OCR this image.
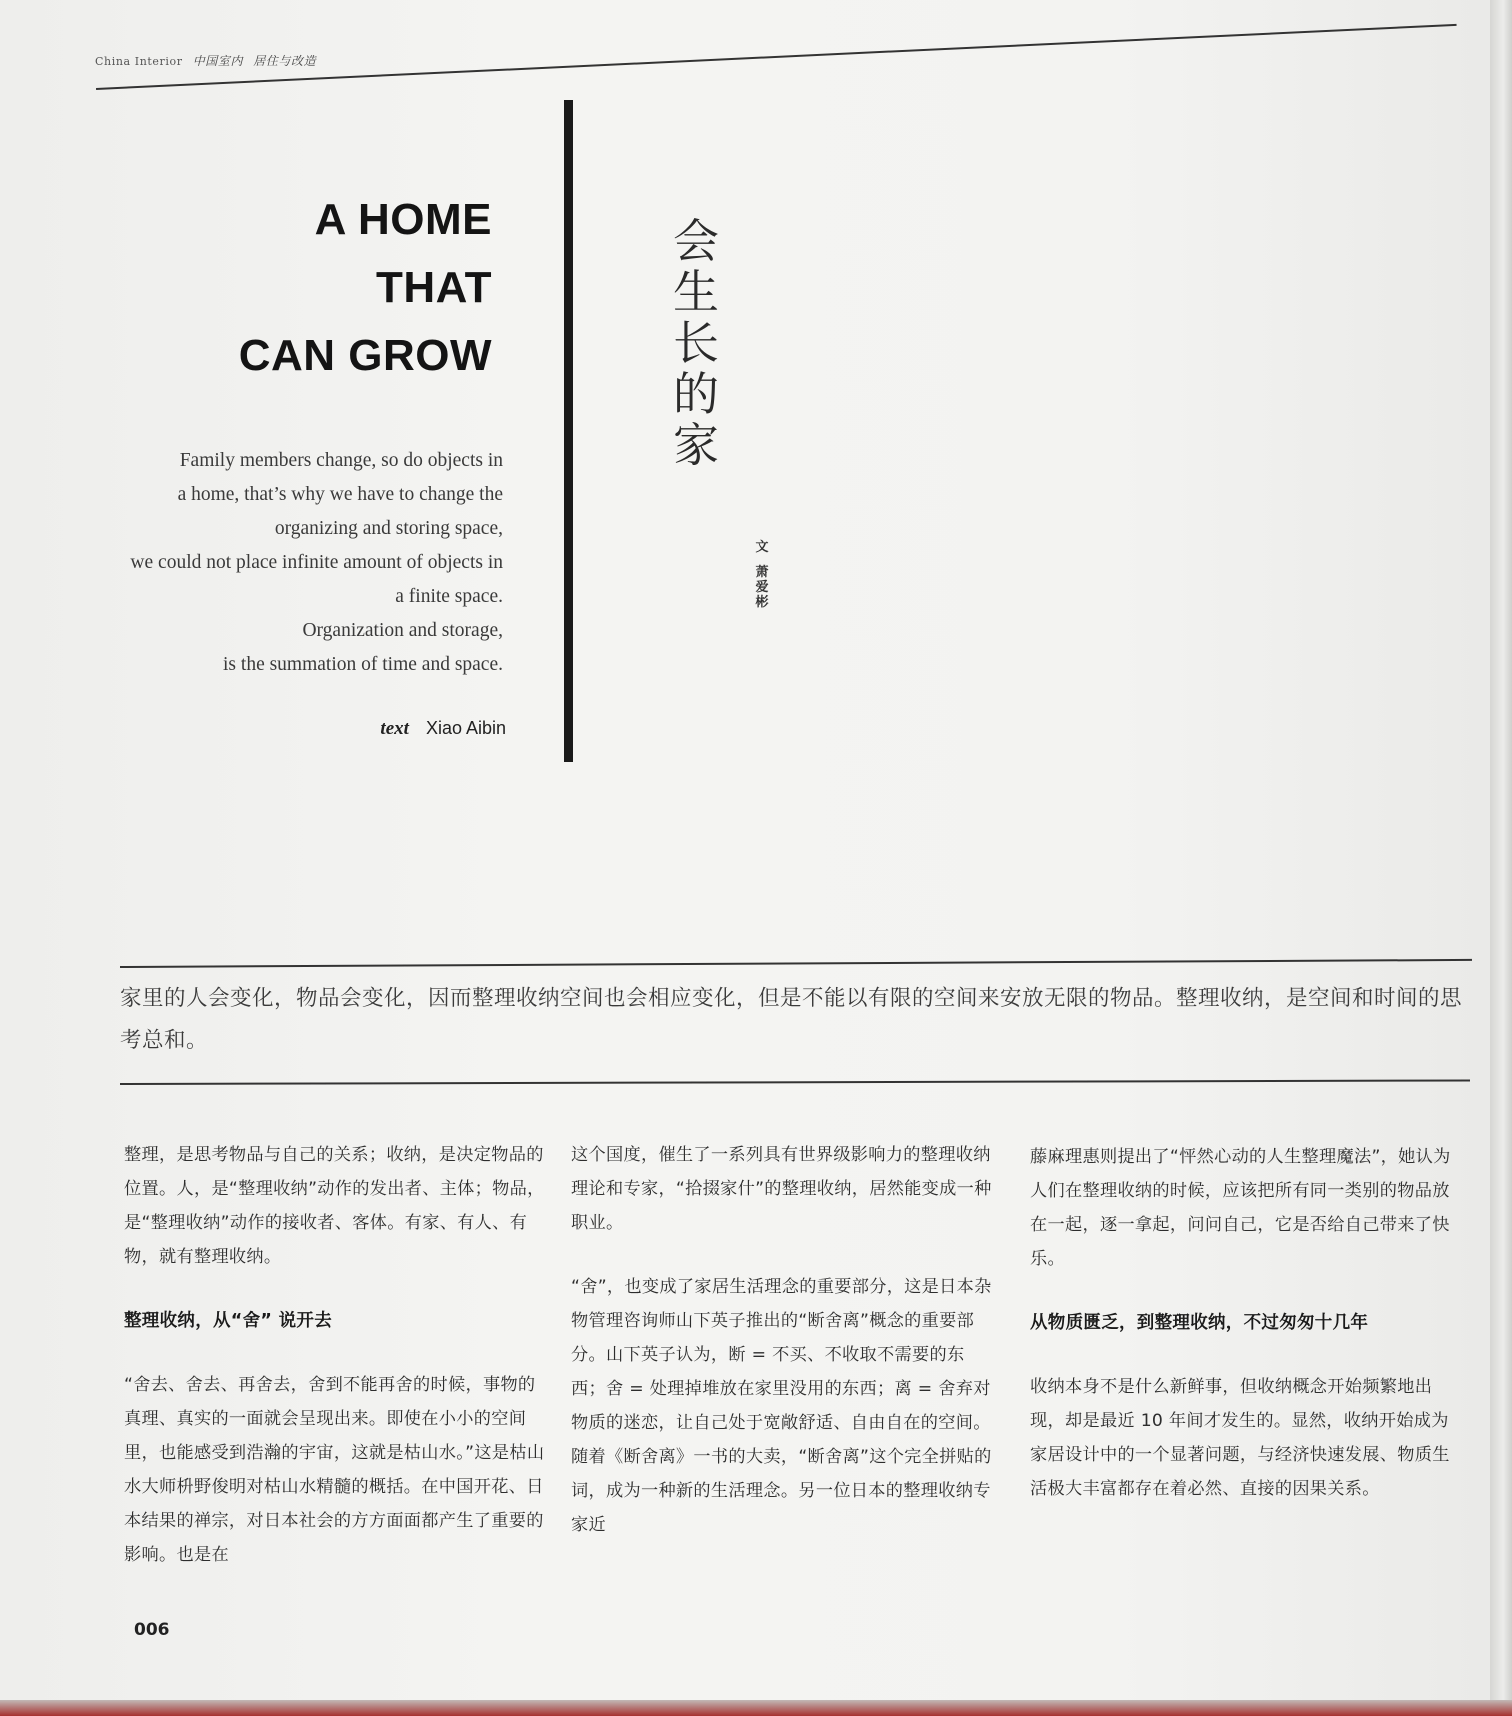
China Interior 中国室内 居住与改造
A HOME
THAT
CAN GROW
Family members change, so do objects in
a home, that’s why we have to change the
organizing and storing space,
we could not place infinite amount of objects in
a finite space.
Organization and storage,
is the summation of time and space.
text Xiao Aibin
会
生
长
的
家
文
萧
爱
彬
家里的人会变化，物品会变化，因而整理收纳空间也会相应变化，但是不能以有限的空间来安放无限的物品。整理收纳，是空间和时间的思考总和。

整理，是思考物品与自己的关系；收纳，是决定物品的位置。人，是“整理收纳”动作的发出者、主体；物品，是“整理收纳”动作的接收者、客体。有家、有人、有物，就有整理收纳。

整理收纳，从“舍” 说开去

“舍去、舍去、再舍去，舍到不能再舍的时候，事物的真理、真实的一面就会呈现出来。即使在小小的空间里，也能感受到浩瀚的宇宙，这就是枯山水。”这是枯山水大师枡野俊明对枯山水精髓的概括。在中国开花、日本结果的禅宗，对日本社会的方方面面都产生了重要的影响。也是在

这个国度，催生了一系列具有世界级影响力的整理收纳理论和专家，“拾掇家什”的整理收纳，居然能变成一种职业。

“舍”，也变成了家居生活理念的重要部分，这是日本杂物管理咨询师山下英子推出的“断舍离”概念的重要部分。山下英子认为，断 = 不买、不收取不需要的东西；舍 = 处理掉堆放在家里没用的东西；离 = 舍弃对物质的迷恋，让自己处于宽敞舒适、自由自在的空间。随着《断舍离》一书的大卖，“断舍离”这个完全拼贴的词，成为一种新的生活理念。另一位日本的整理收纳专家近

藤麻理惠则提出了“怦然心动的人生整理魔法”，她认为人们在整理收纳的时候，应该把所有同一类别的物品放在一起，逐一拿起，问问自己，它是否给自己带来了快乐。

从物质匮乏，到整理收纳，不过匆匆十几年

收纳本身不是什么新鲜事，但收纳概念开始频繁地出现，却是最近 10 年间才发生的。显然，收纳开始成为家居设计中的一个显著问题，与经济快速发展、物质生活极大丰富都存在着必然、直接的因果关系。

006
